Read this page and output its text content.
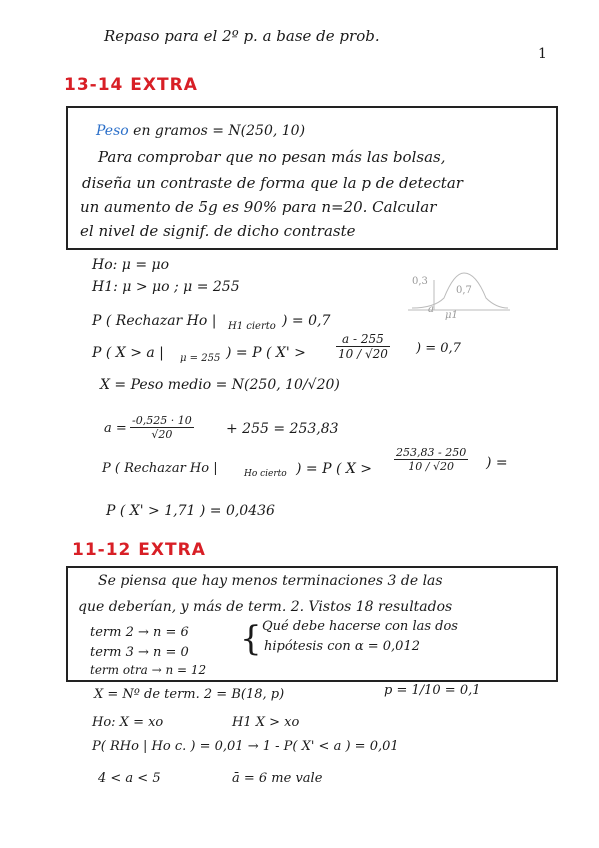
Repaso para el 2º p. a base de prob.
1
13-14 EXTRA
Peso en gramos = N(250, 10)
Para comprobar que no pesan más las bolsas,
diseña un contraste de forma que la p de detectar
un aumento de 5g es 90% para n=20. Calcular
el nivel de signif. de dicho contraste
Ho: μ = μo
H1: μ > μo ; μ = 255	0,3
0,7
a
μ1
P ( Rechazar Ho | H1 cierto ) = 0,7
P ( X > a | μ = 255 ) = P ( X' >	$\frac{a - 255}{10 / √20}$ ) = 0,7
X = Peso medio = N(250, 10/√20)
$a = \frac{-0,525 \cdot 10}{√20} + 255 = 253,83$
P ( Rechazar Ho |	Ho cierto ) = P ( $X > \frac{253,83 - 250}{10 / √20}$ ) =
P ( X' > 1,71 ) = 0,0436
11-12 EXTRA
Se piensa que hay menos terminaciones 3 de las
que deberían, y más de term. 2. Vistos 18 resultados
term 2 → n = 6
term 3 → n = 0
term otra → n = 12
{ Qué debe hacerse con las dos
hipótesis con α = 0,012
X = Nº de term. 2 = B(18, p)	p = 1/10 = 0,1
Ho: X = xo	H1 X > xo
P( RHo | Ho c. ) = 0,01 → 1 - P( X' < a ) = 0,01
4 < a < 5	ā = 6 me vale
